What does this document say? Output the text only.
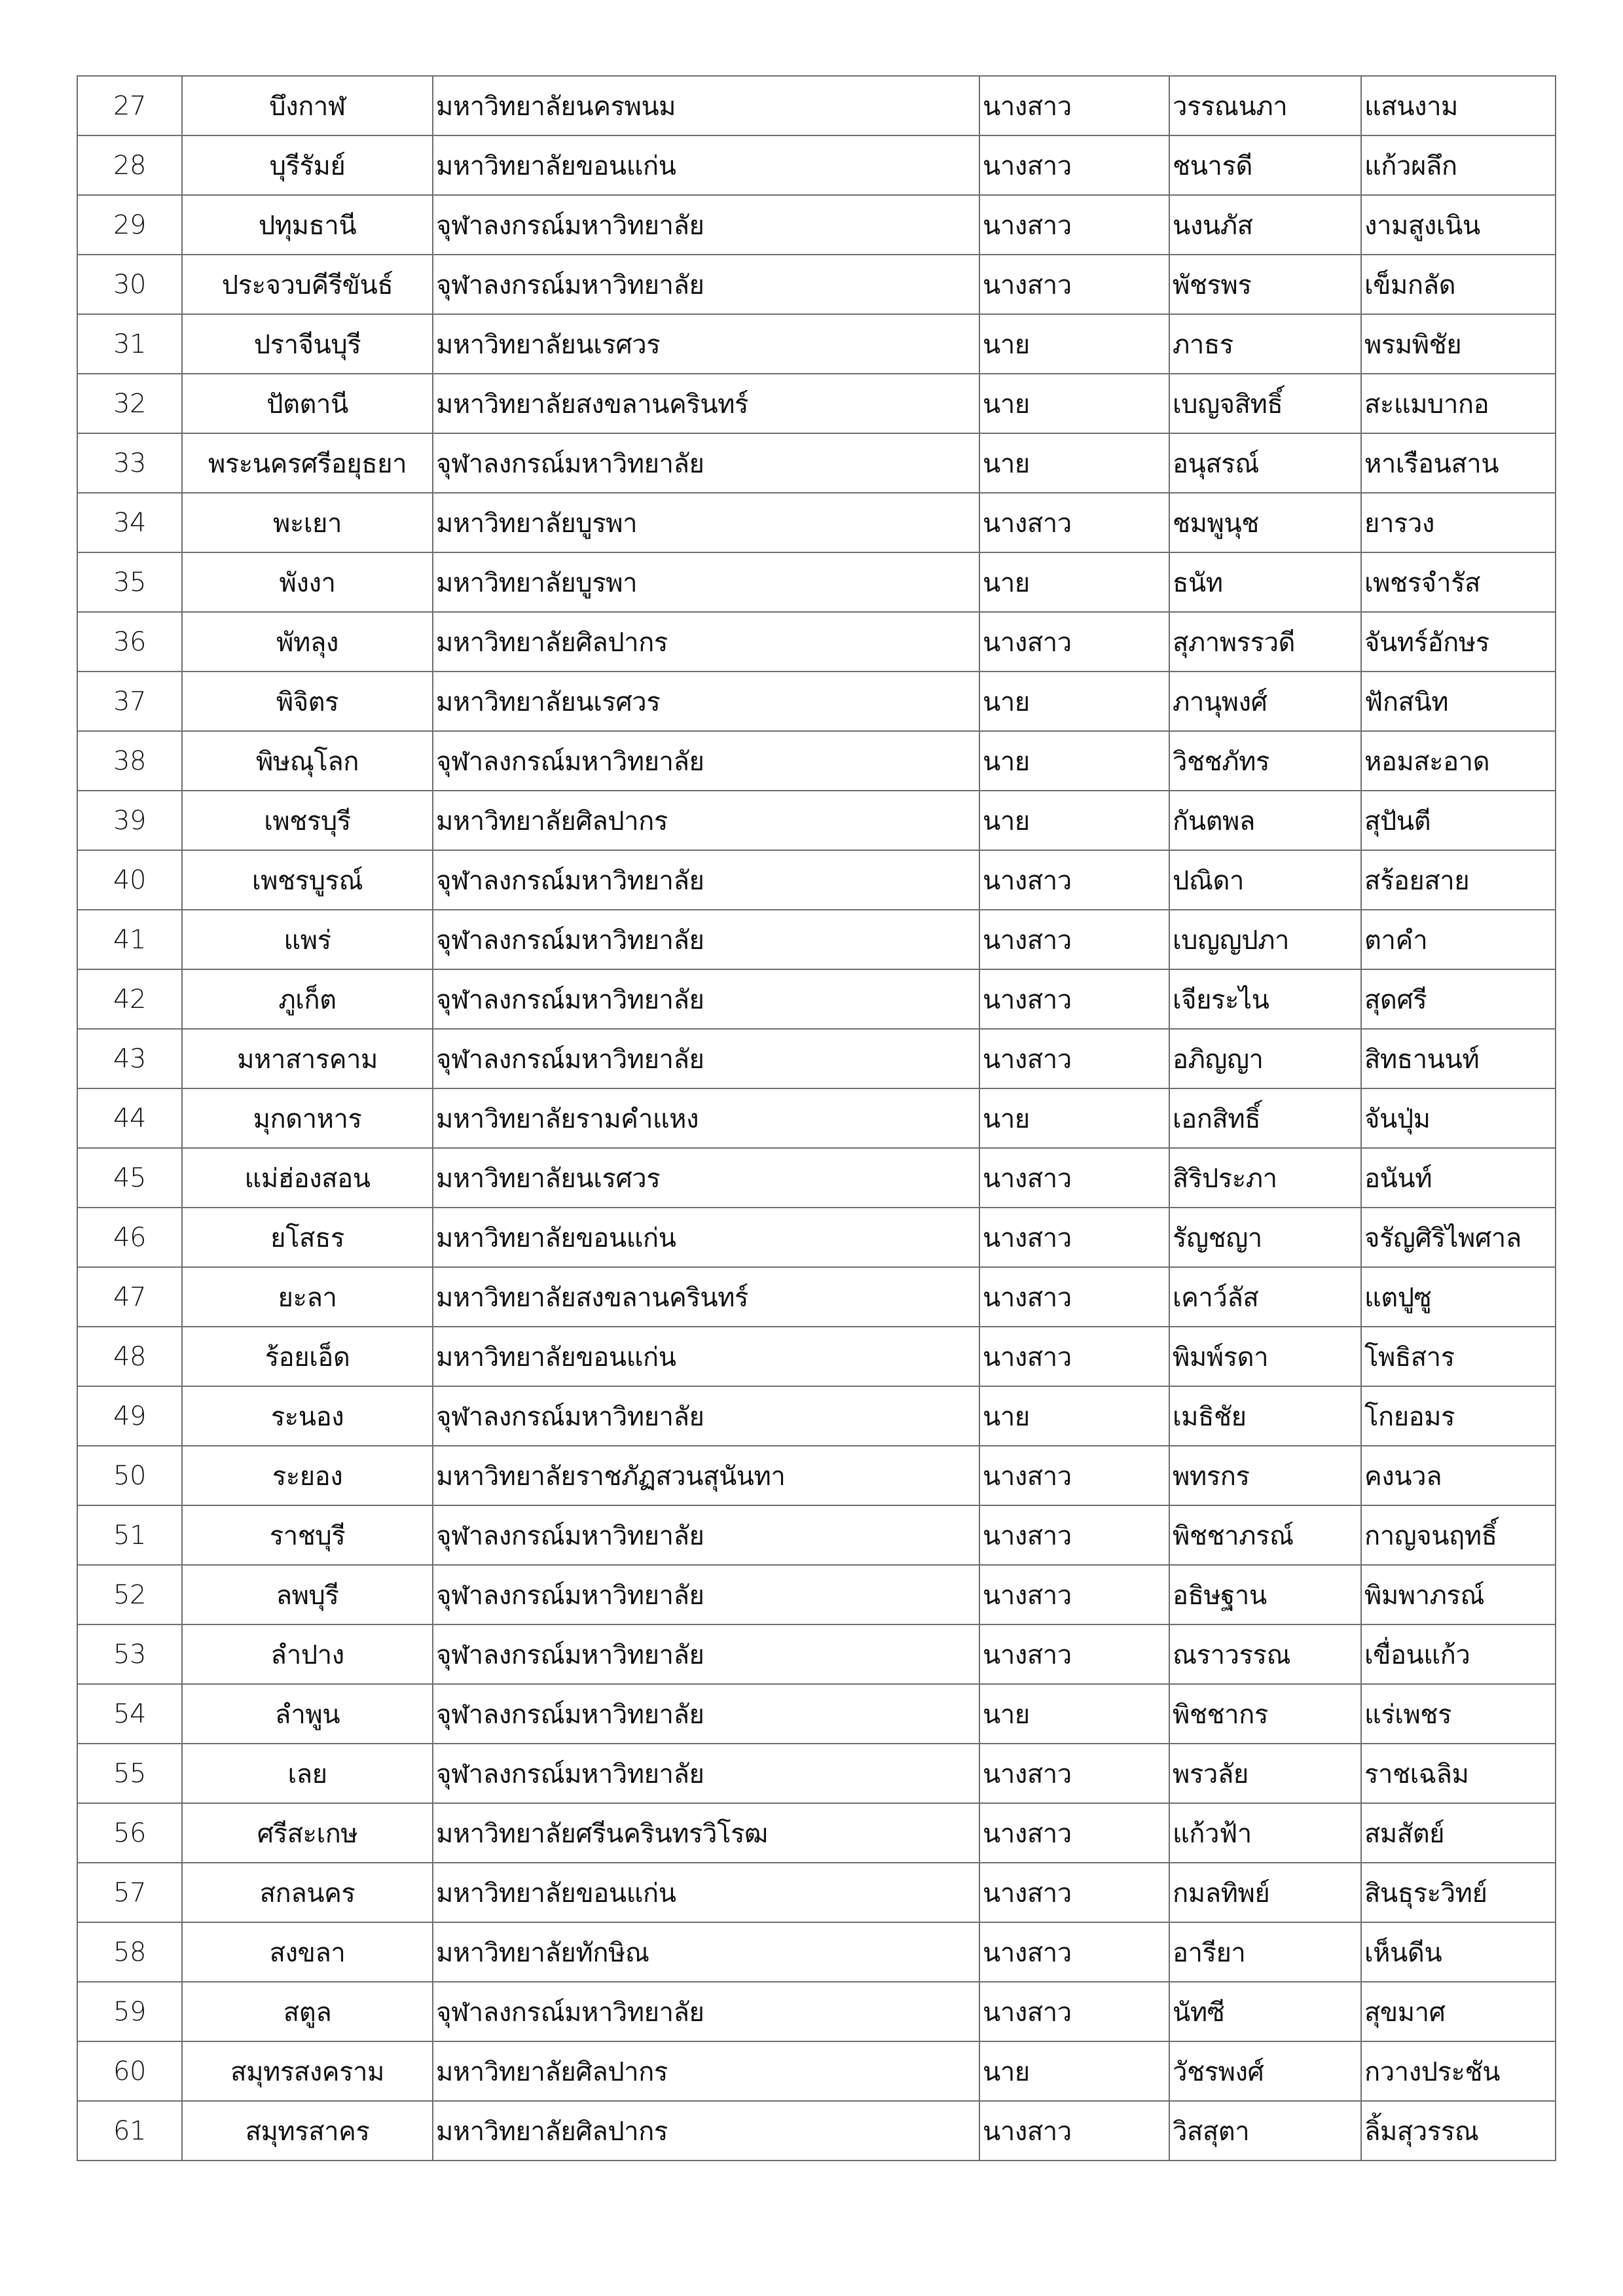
27	บึงกาฬ	มหาวิทยาลัยนครพนม	นางสาว	วรรณนภา	แสนงาม
28	บุรีรัมย์	มหาวิทยาลัยขอนแก่น	นางสาว	ชนารดี	แก้วผลึก
29	ปทุมธานี	จุฬาลงกรณ์มหาวิทยาลัย	นางสาว	นงนภัส	งามสูงเนิน
30	ประจวบคีรีขันธ์	จุฬาลงกรณ์มหาวิทยาลัย	นางสาว	พัชรพร	เข็มกลัด
31	ปราจีนบุรี	มหาวิทยาลัยนเรศวร	นาย	ภาธร	พรมพิชัย
32	ปัตตานี	มหาวิทยาลัยสงขลานครินทร์	นาย	เบญจสิทธิ์	สะแมบากอ
33	พระนครศรีอยุธยา	จุฬาลงกรณ์มหาวิทยาลัย	นาย	อนุสรณ์	หาเรือนสาน
34	พะเยา	มหาวิทยาลัยบูรพา	นางสาว	ชมพูนุช	ยารวง
35	พังงา	มหาวิทยาลัยบูรพา	นาย	ธนัท	เพชรจำรัส
36	พัทลุง	มหาวิทยาลัยศิลปากร	นางสาว	สุภาพรรวดี	จันทร์อักษร
37	พิจิตร	มหาวิทยาลัยนเรศวร	นาย	ภานุพงศ์	ฟักสนิท
38	พิษณุโลก	จุฬาลงกรณ์มหาวิทยาลัย	นาย	วิชชภัทร	หอมสะอาด
39	เพชรบุรี	มหาวิทยาลัยศิลปากร	นาย	กันตพล	สุปันตี
40	เพชรบูรณ์	จุฬาลงกรณ์มหาวิทยาลัย	นางสาว	ปณิดา	สร้อยสาย
41	แพร่	จุฬาลงกรณ์มหาวิทยาลัย	นางสาว	เบญญปภา	ตาคำ
42	ภูเก็ต	จุฬาลงกรณ์มหาวิทยาลัย	นางสาว	เจียระไน	สุดศรี
43	มหาสารคาม	จุฬาลงกรณ์มหาวิทยาลัย	นางสาว	อภิญญา	สิทธานนท์
44	มุกดาหาร	มหาวิทยาลัยรามคำแหง	นาย	เอกสิทธิ์	จันปุ่ม
45	แม่ฮ่องสอน	มหาวิทยาลัยนเรศวร	นางสาว	สิริประภา	อนันท์
46	ยโสธร	มหาวิทยาลัยขอนแก่น	นางสาว	รัญชญา	จรัญศิริไพศาล
47	ยะลา	มหาวิทยาลัยสงขลานครินทร์	นางสาว	เคาว์ลัส	แตปูซู
48	ร้อยเอ็ด	มหาวิทยาลัยขอนแก่น	นางสาว	พิมพ์รดา	โพธิสาร
49	ระนอง	จุฬาลงกรณ์มหาวิทยาลัย	นาย	เมธิชัย	โกยอมร
50	ระยอง	มหาวิทยาลัยราชภัฏสวนสุนันทา	นางสาว	พทรกร	คงนวล
51	ราชบุรี	จุฬาลงกรณ์มหาวิทยาลัย	นางสาว	พิชชาภรณ์	กาญจนฤทธิ์
52	ลพบุรี	จุฬาลงกรณ์มหาวิทยาลัย	นางสาว	อธิษฐาน	พิมพาภรณ์
53	ลำปาง	จุฬาลงกรณ์มหาวิทยาลัย	นางสาว	ณราวรรณ	เขื่อนแก้ว
54	ลำพูน	จุฬาลงกรณ์มหาวิทยาลัย	นาย	พิชชากร	แร่เพชร
55	เลย	จุฬาลงกรณ์มหาวิทยาลัย	นางสาว	พรวลัย	ราชเฉลิม
56	ศรีสะเกษ	มหาวิทยาลัยศรีนครินทรวิโรฒ	นางสาว	แก้วฟ้า	สมสัตย์
57	สกลนคร	มหาวิทยาลัยขอนแก่น	นางสาว	กมลทิพย์	สินธุระวิทย์
58	สงขลา	มหาวิทยาลัยทักษิณ	นางสาว	อารียา	เห็นดีน
59	สตูล	จุฬาลงกรณ์มหาวิทยาลัย	นางสาว	นัทซี	สุขมาศ
60	สมุทรสงคราม	มหาวิทยาลัยศิลปากร	นาย	วัชรพงศ์	กวางประชัน
61	สมุทรสาคร	มหาวิทยาลัยศิลปากร	นางสาว	วิสสุตา	ลิ้มสุวรรณ
